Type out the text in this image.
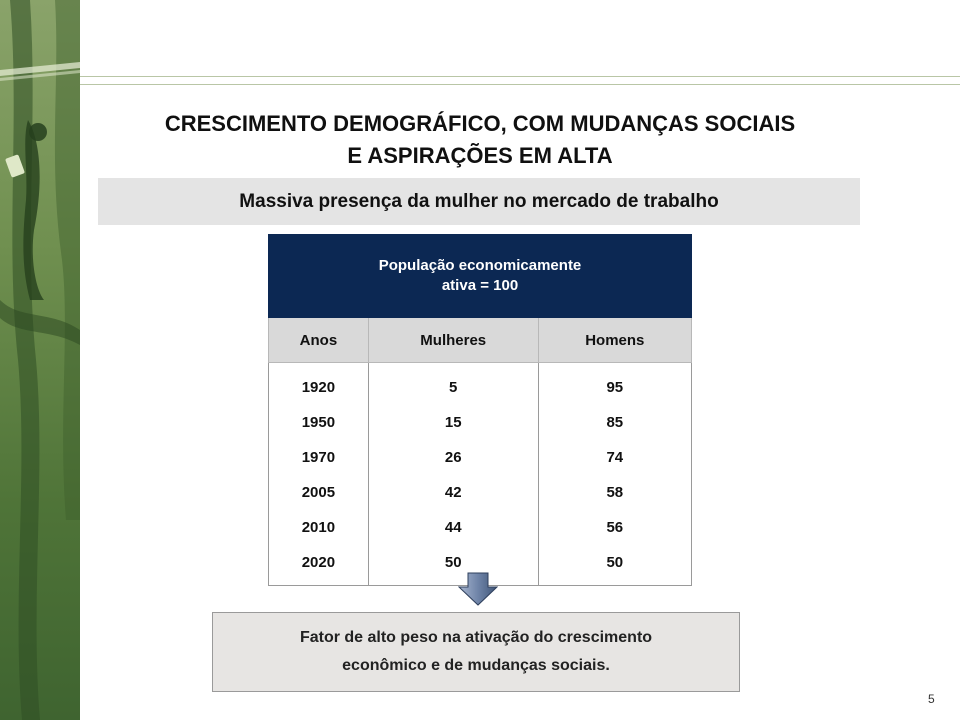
CRESCIMENTO DEMOGRÁFICO, COM MUDANÇAS SOCIAIS
E ASPIRAÇÕES EM ALTA
Massiva presença da mulher no mercado de trabalho
População economicamente
ativa = 100		

Anos	Mulheres	Homens
1920	5	95
1950	15	85
1970	26	74
2005	42	58
2010	44	56
2020	50	50
Fator de alto peso na ativação do crescimento
econômico e de mudanças sociais.
5
